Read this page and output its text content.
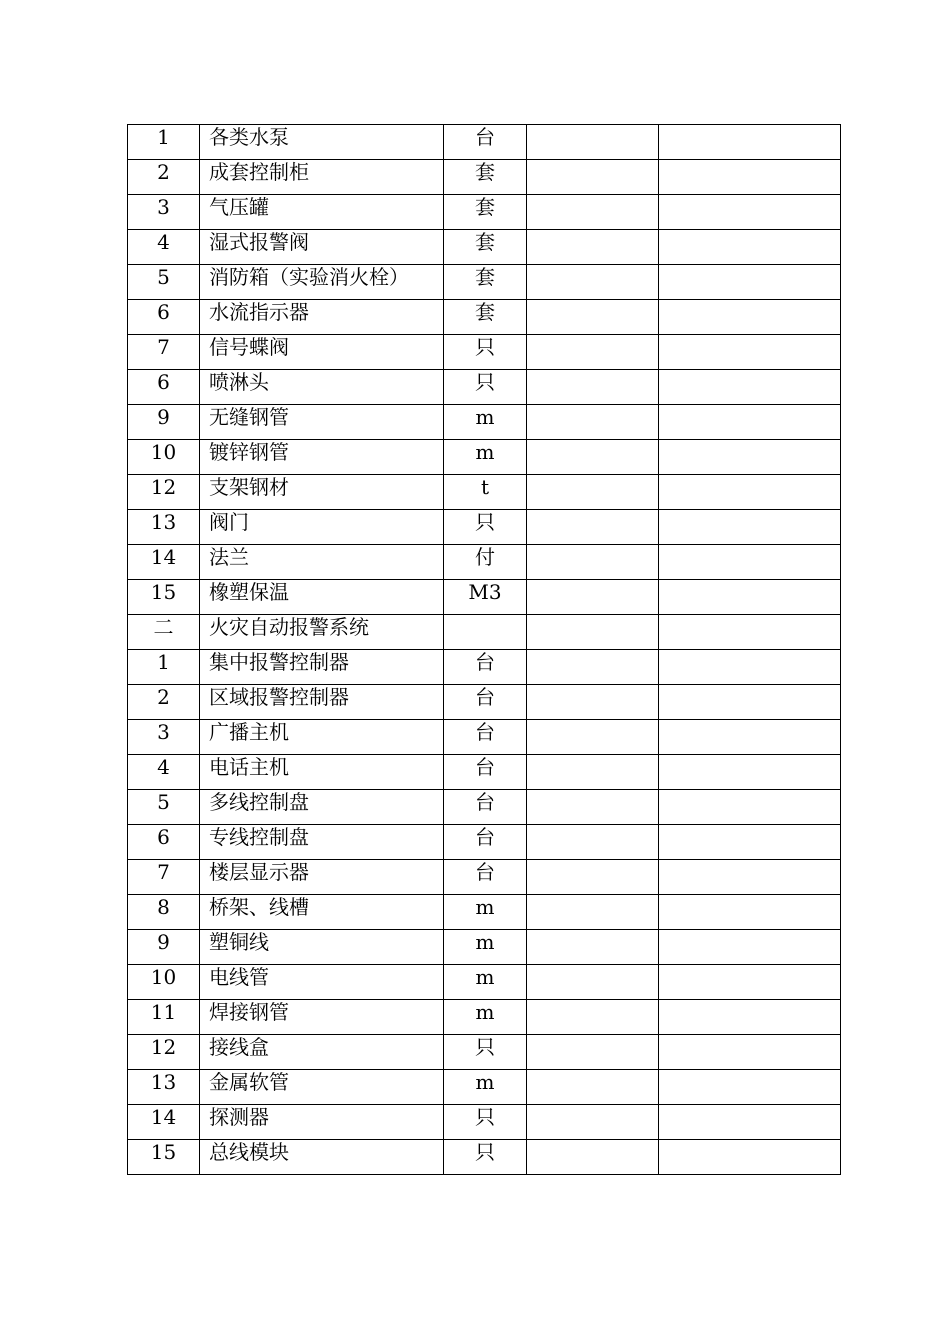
1	各类水泵	台		
2	成套控制柜	套		
3	气压罐	套		
4	湿式报警阀	套		
5	消防箱（实验消火栓）	套		
6	水流指示器	套		
7	信号蝶阀	只		
6	喷淋头	只		
9	无缝钢管	m		
10	镀锌钢管	m		
12	支架钢材	t		
13	阀门	只		
14	法兰	付		
15	橡塑保温	M3		
二	火灾自动报警系统			
1	集中报警控制器	台		
2	区域报警控制器	台		
3	广播主机	台		
4	电话主机	台		
5	多线控制盘	台		
6	专线控制盘	台		
7	楼层显示器	台		
8	桥架、线槽	m		
9	塑铜线	m		
10	电线管	m		
11	焊接钢管	m		
12	接线盒	只		
13	金属软管	m		
14	探测器	只		
15	总线模块	只		
